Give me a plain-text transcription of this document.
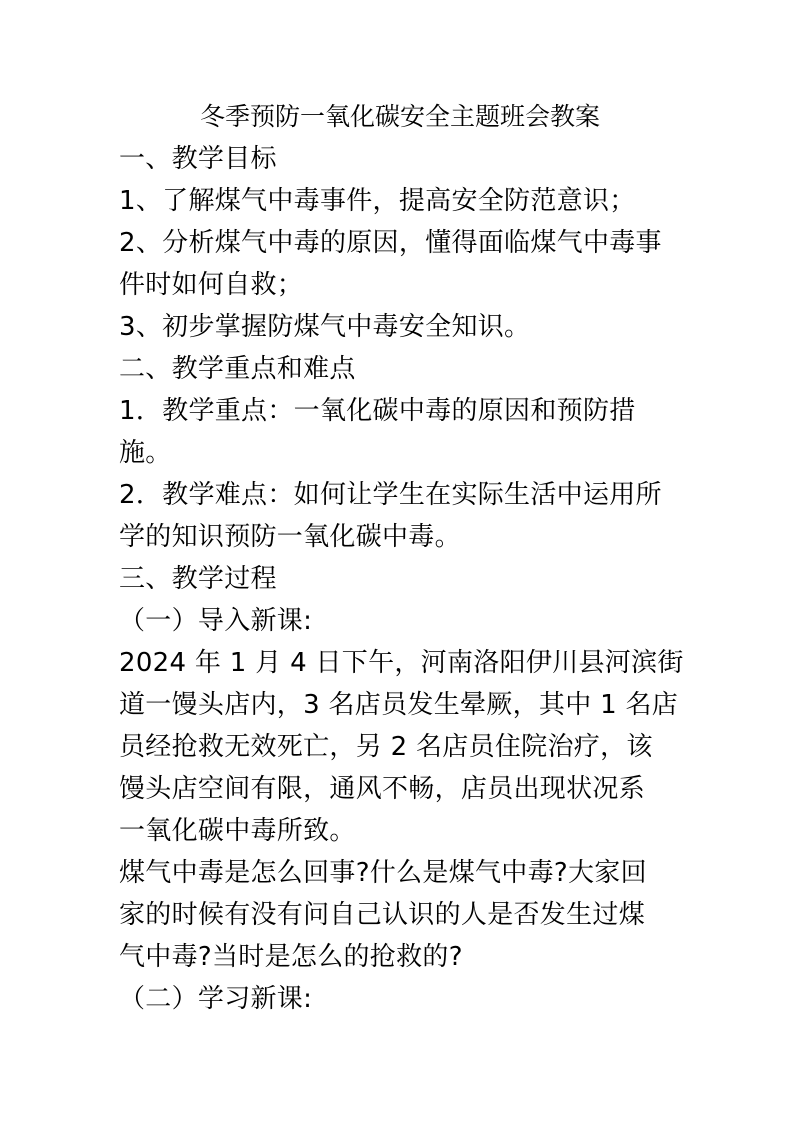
冬季预防一氧化碳安全主题班会教案

一、教学目标

1、了解煤气中毒事件，提高安全防范意识；
2、分析煤气中毒的原因，懂得面临煤气中毒事
件时如何自救；
3、初步掌握防煤气中毒安全知识。

二、教学重点和难点

1．教学重点：一氧化碳中毒的原因和预防措
施。
2．教学难点：如何让学生在实际生活中运用所
学的知识预防一氧化碳中毒。

三、教学过程

（一）导入新课:

2024 年 1 月 4 日下午，河南洛阳伊川县河滨街
道一馒头店内，3 名店员发生晕厥，其中 1 名店
员经抢救无效死亡，另 2 名店员住院治疗，该
馒头店空间有限，通风不畅，店员出现状况系
一氧化碳中毒所致。
煤气中毒是怎么回事?什么是煤气中毒?大家回
家的时候有没有问自己认识的人是否发生过煤
气中毒?当时是怎么的抢救的?

（二）学习新课:
